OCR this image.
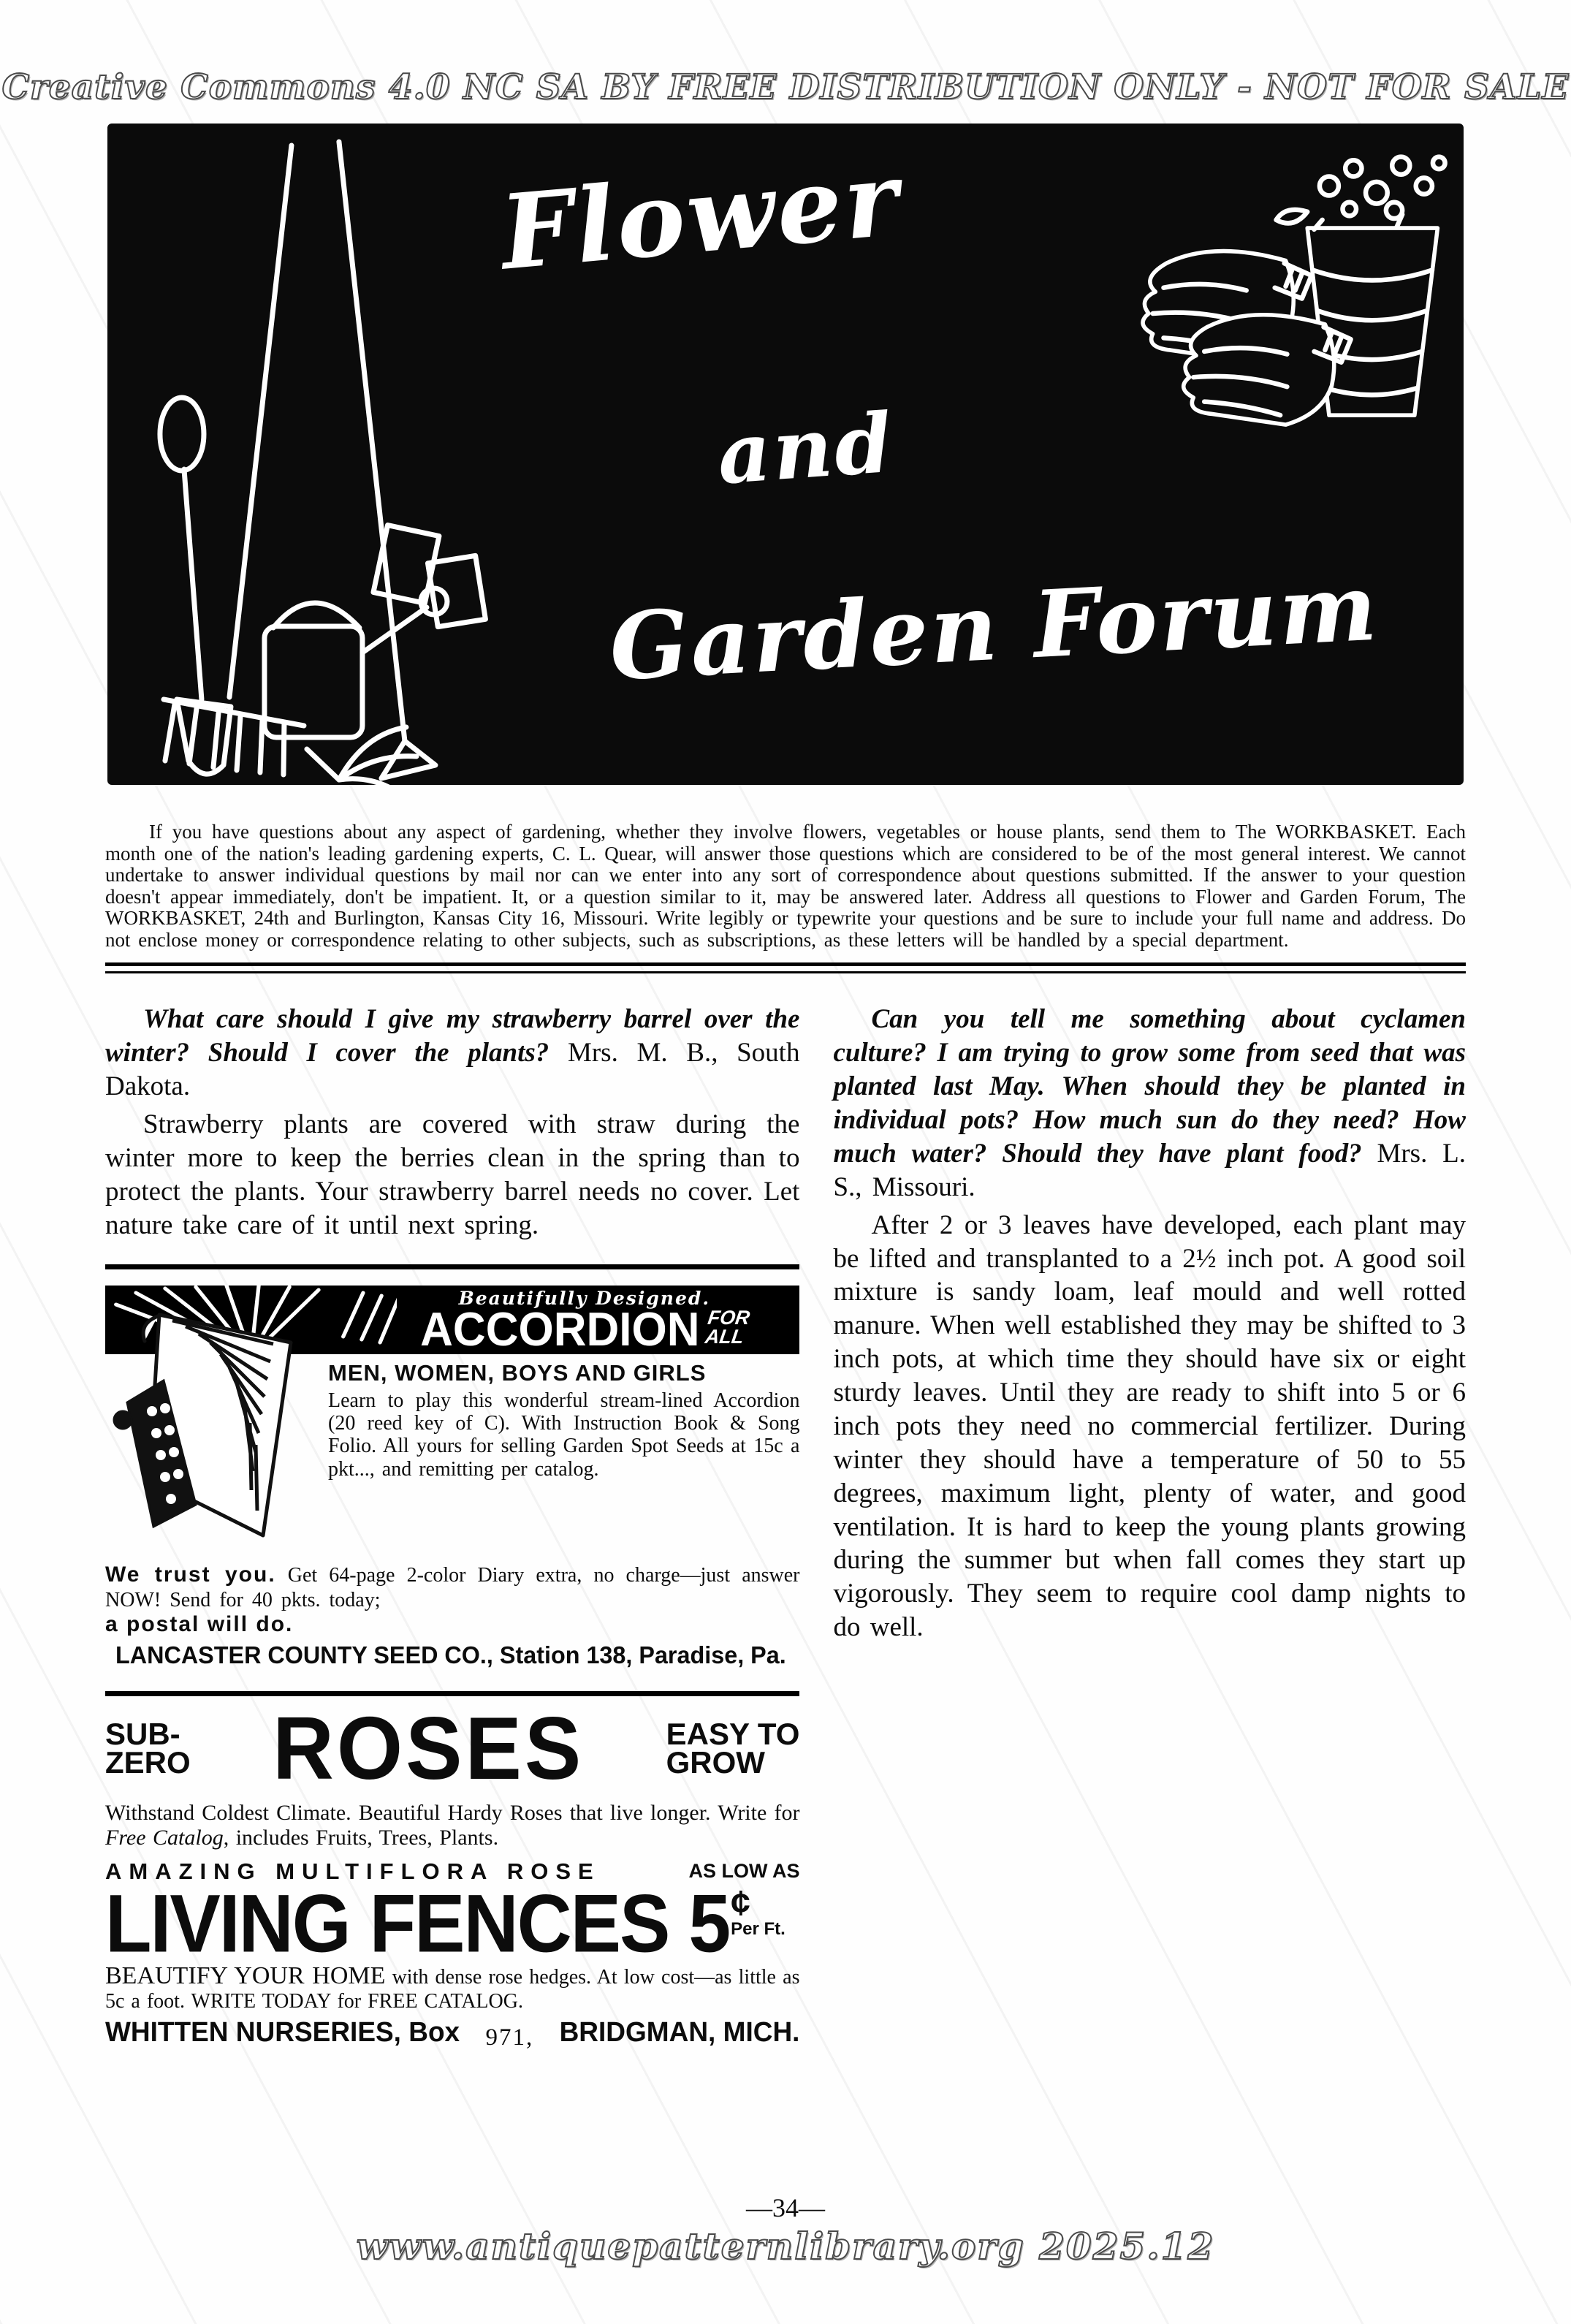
Creative Commons 4.0 NC SA BY FREE DISTRIBUTION ONLY - NOT FOR SALE
Flower
and
Garden Forum

If you have questions about any aspect of gardening, whether they involve flowers, vegetables or house plants, send them to The WORKBASKET. Each month one of the nation's leading gardening experts, C. L. Quear, will answer those questions which are considered to be of the most general interest. We cannot undertake to answer individual questions by mail nor can we enter into any sort of correspondence about questions submitted. If the answer to your question doesn't appear immediately, don't be impatient. It, or a question similar to it, may be answered later. Address all questions to Flower and Garden Forum, The WORKBASKET, 24th and Burlington, Kansas City 16, Missouri. Write legibly or typewrite your questions and be sure to include your full name and address. Do not enclose money or correspondence relating to other subjects, such as subscriptions, as these letters will be handled by a special department.

What care should I give my strawberry barrel over the winter? Should I cover the plants? Mrs. M. B., South Dakota.

Strawberry plants are covered with straw during the winter more to keep the berries clean in the spring than to protect the plants. Your strawberry barrel needs no cover. Let nature take care of it until next spring.

Beautifully Designed.
ACCORDION FOR
ALL
MEN, WOMEN, BOYS AND GIRLS

Learn to play this wonderful stream-lined Accordion (20 reed key of C). With Instruction Book & Song Folio. All yours for selling Garden Spot Seeds at 15c a pkt..., and remitting per catalog.

We trust you. Get 64-page 2-color Diary extra, no charge—just answer NOW! Send for 40 pkts. today;

a postal will do.

LANCASTER COUNTY SEED CO., Station 138, Paradise, Pa.

SUB-
ZERO ROSES	EASY TO
GROW

Withstand Coldest Climate. Beautiful Hardy Roses that live longer. Write for Free Catalog, includes Fruits, Trees, Plants.

AMAZING MULTIFLORA ROSE	AS LOW AS
LIVING FENCES 5 ¢
Per Ft.

BEAUTIFY YOUR HOME with dense rose hedges. At low cost—as little as 5c a foot. WRITE TODAY for FREE CATALOG.

WHITTEN NURSERIES, Box 971, BRIDGMAN, MICH.

Can you tell me something about cyclamen culture? I am trying to grow some from seed that was planted last May. When should they be planted in individual pots? How much sun do they need? How much water? Should they have plant food? Mrs. L. S., Missouri.

After 2 or 3 leaves have developed, each plant may be lifted and transplanted to a 2½ inch pot. A good soil mixture is sandy loam, leaf mould and well rotted manure. When well established they may be shifted to 3 inch pots, at which time they should have six or eight sturdy leaves. Until they are ready to shift into 5 or 6 inch pots they need no commercial fertilizer. During winter they should have a temperature of 50 to 55 degrees, maximum light, plenty of water, and good ventilation. It is hard to keep the young plants growing during the summer but when fall comes they start up vigorously. They seem to require cool damp nights to do well.

—34—
www.antiquepatternlibrary.org 2025.12
